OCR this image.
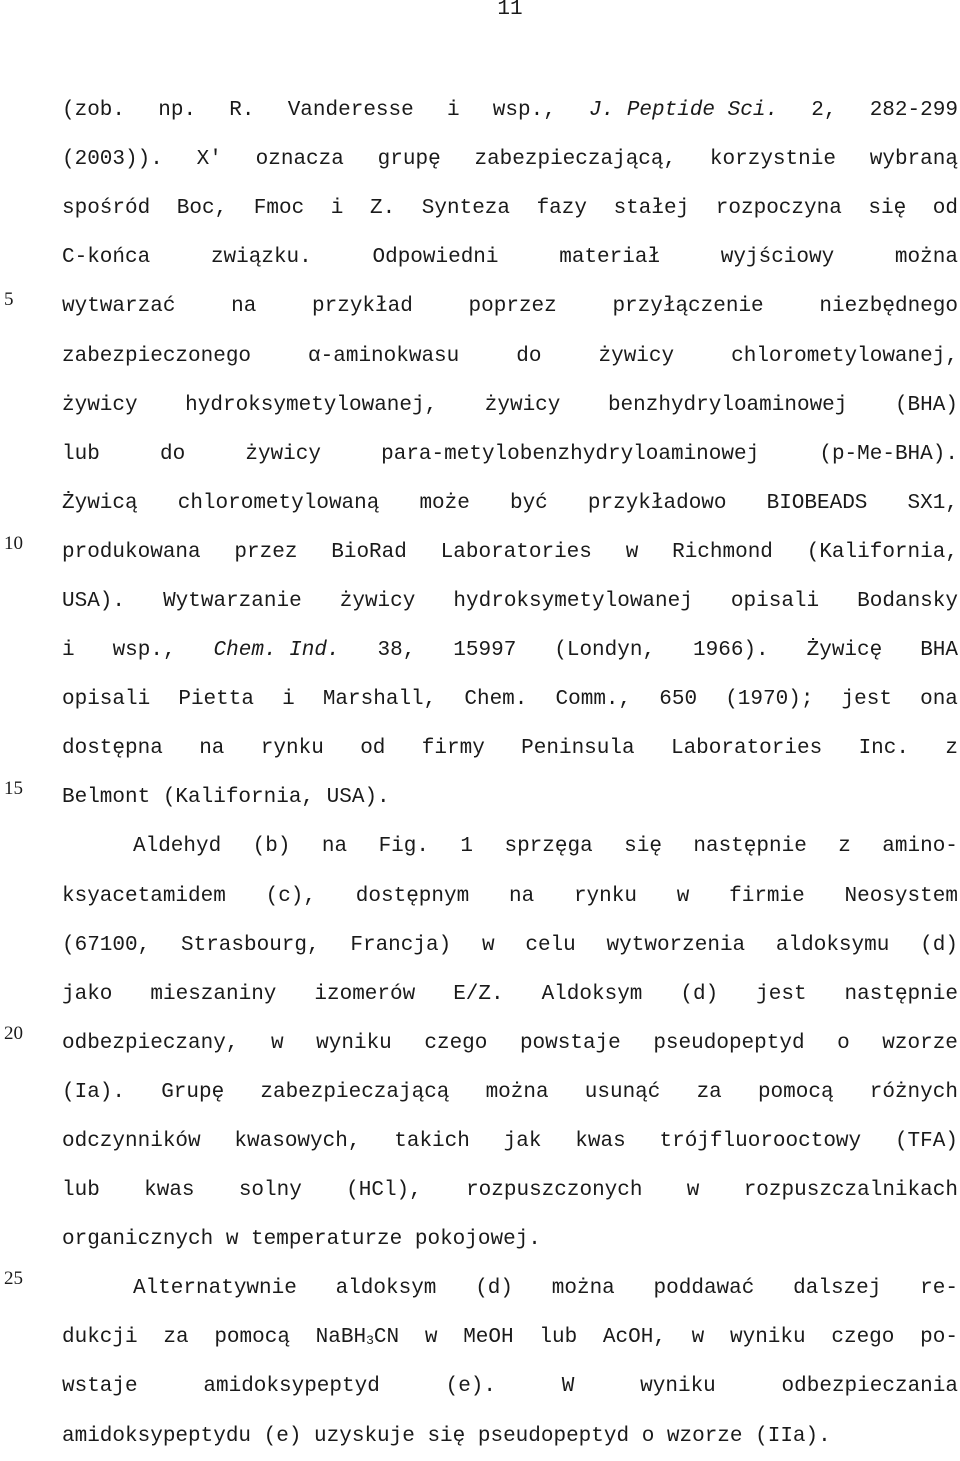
11
5
10
15
20
25
(zob. np. R. Vanderesse i wsp., J. Peptide Sci. 2, 282-299
(2003)). X' oznacza grupę zabezpieczającą, korzystnie wybraną
spośród Boc, Fmoc i Z. Synteza fazy stałej rozpoczyna się od
C-końca	związku.	Odpowiedni	materiał	wyjściowy	można
wytwarzać	na	przykład	poprzez	przyłączenie	niezbędnego
zabezpieczonego	α-aminokwasu	do	żywicy	chlorometylowanej,
żywicy hydroksymetylowanej, żywicy benzhydryloaminowej (BHA)
lub	do	żywicy	para-metylobenzhydryloaminowej	(p-Me-BHA).
Żywicą chlorometylowaną może być przykładowo BIOBEADS SX1,
produkowana przez BioRad Laboratories w Richmond (Kalifornia,
USA). Wytwarzanie żywicy hydroksymetylowanej opisali Bodansky
i wsp., Chem. Ind. 38, 15997 (Londyn, 1966). Żywicę BHA
opisali Pietta i Marshall, Chem. Comm., 650 (1970); jest ona
dostępna na rynku od firmy Peninsula Laboratories Inc. z
Belmont (Kalifornia, USA).
Aldehyd (b) na Fig. 1 sprzęga się następnie z amino-
ksyacetamidem (c), dostępnym na rynku w firmie Neosystem
(67100, Strasbourg, Francja) w celu wytworzenia aldoksymu (d)
jako mieszaniny izomerów E/Z. Aldoksym (d) jest następnie
odbezpieczany, w wyniku czego powstaje pseudopeptyd o wzorze
(Ia). Grupę zabezpieczającą można usunąć za pomocą różnych
odczynników kwasowych, takich jak kwas trójfluorooctowy (TFA)
lub kwas solny (HCl), rozpuszczonych w rozpuszczalnikach
organicznych w temperaturze pokojowej.
Alternatywnie aldoksym (d) można poddawać dalszej re-
dukcji za pomocą NaBH$_3$CN w MeOH lub AcOH, w wyniku czego po-
wstaje	amidoksypeptyd	(e).	W	wyniku	odbezpieczania
amidoksypeptydu (e) uzyskuje się pseudopeptyd o wzorze (IIa).
